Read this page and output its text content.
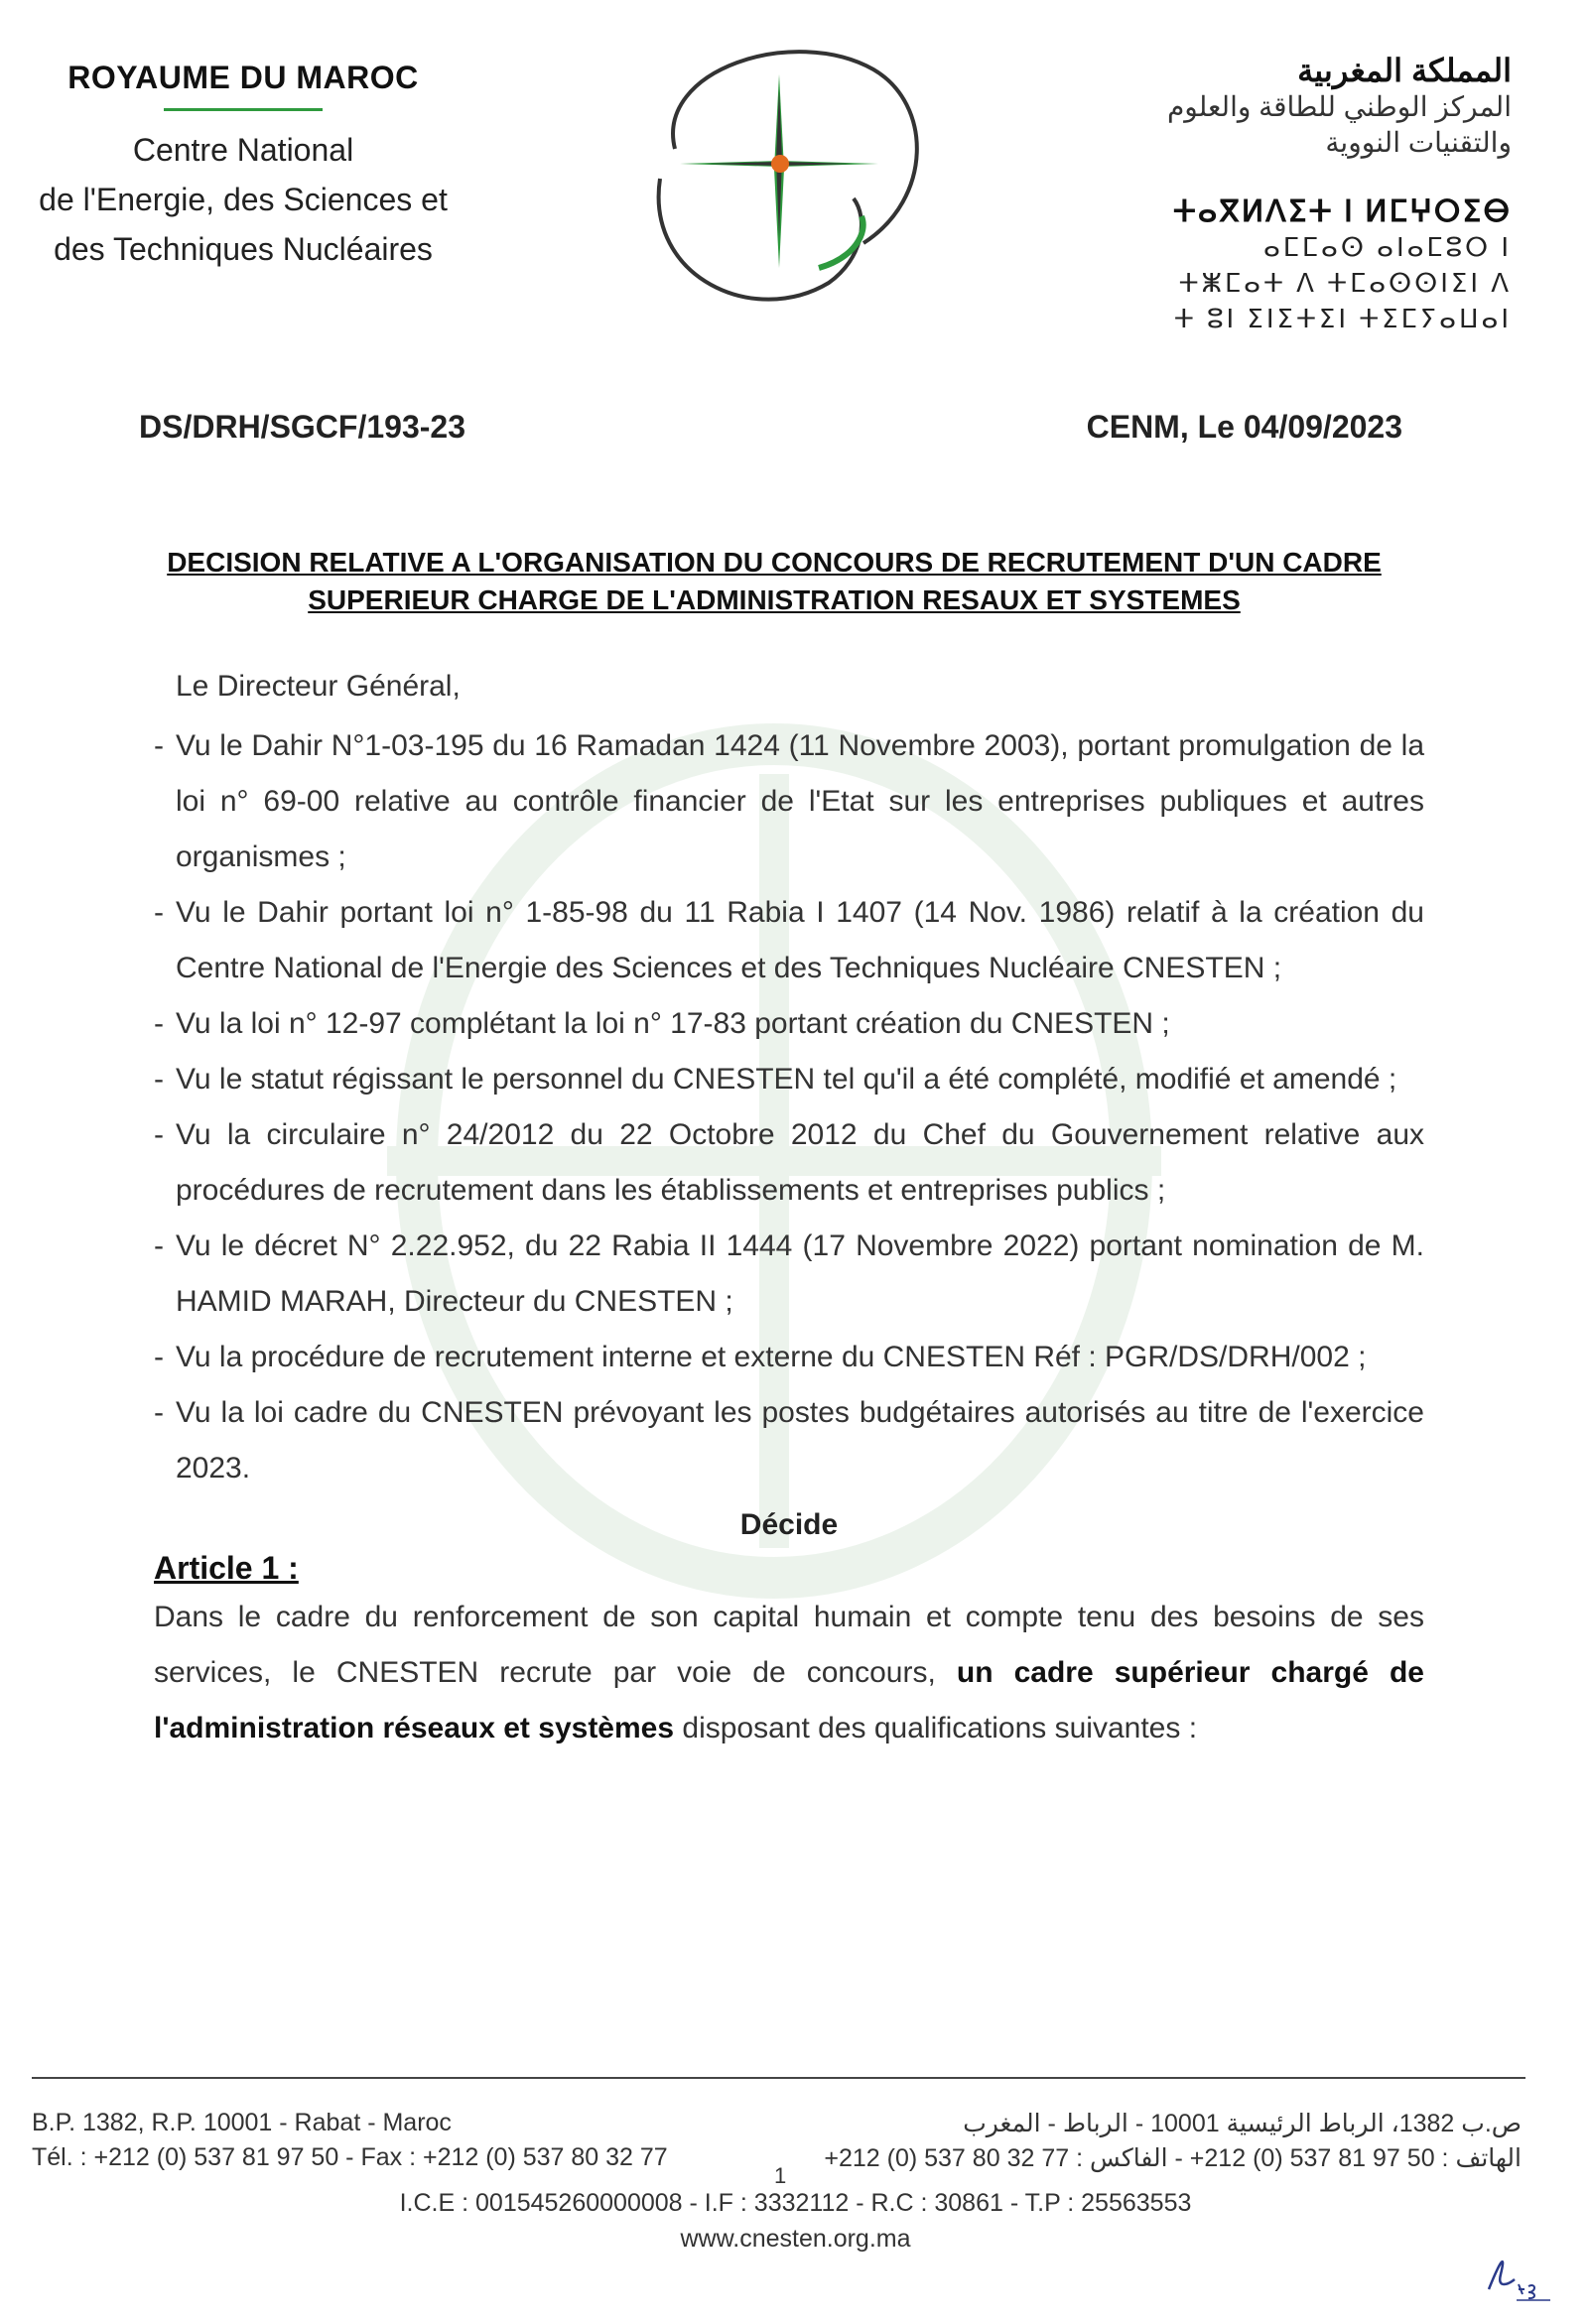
ROYAUME DU MAROC
Centre National
de l'Energie, des Sciences et
des Techniques Nucléaires
المملكة المغربية
المركز الوطني للطاقة والعلوم
والتقنيات النووية
ⵜⴰⴳⵍⴷⵉⵜ ⵏ ⵍⵎⵖⵔⵉⴱ
ⴰⵎⵎⴰⵙ ⴰⵏⴰⵎⵓⵔ ⵏ
ⵜⵥⵎⴰⵜ ⴷ ⵜⵎⴰⵙⵙⵏⵉⵏ ⴷ
ⵜ ⵓⵏ ⵉⵏⵉⵜⵉⵏ ⵜⵉⵎⵢⴰⵡⴰⵏ
DS/DRH/SGCF/193-23	CENM, Le 04/09/2023
DECISION RELATIVE A L'ORGANISATION DU CONCOURS DE RECRUTEMENT D'UN CADRE
SUPERIEUR CHARGE DE L'ADMINISTRATION RESAUX ET SYSTEMES

Le Directeur Général,

- Vu le Dahir N°1-03-195 du 16 Ramadan 1424 (11 Novembre 2003), portant promulgation de la loi n° 69-00 relative au contrôle financier de l'Etat sur les entreprises publiques et autres organismes ;

- Vu le Dahir portant loi n° 1-85-98 du 11 Rabia I 1407 (14 Nov. 1986) relatif à la création du Centre National de l'Energie des Sciences et des Techniques Nucléaire CNESTEN ;

- Vu la loi n° 12-97 complétant la loi n° 17-83 portant création du CNESTEN ;

- Vu le statut régissant le personnel du CNESTEN tel qu'il a été complété, modifié et amendé ;

- Vu la circulaire n° 24/2012 du 22 Octobre 2012 du Chef du Gouvernement relative aux procédures de recrutement dans les établissements et entreprises publics ;

- Vu le décret N° 2.22.952, du 22 Rabia II 1444 (17 Novembre 2022) portant nomination de M. HAMID MARAH, Directeur du CNESTEN ;

- Vu la procédure de recrutement interne et externe du CNESTEN Réf : PGR/DS/DRH/002 ;

- Vu la loi cadre du CNESTEN prévoyant les postes budgétaires autorisés au titre de l'exercice 2023.

Décide

Article 1 :

Dans le cadre du renforcement de son capital humain et compte tenu des besoins de ses services, le CNESTEN recrute par voie de concours, un cadre supérieur chargé de l'administration réseaux et systèmes disposant des qualifications suivantes :

B.P. 1382, R.P. 10001 - Rabat - Maroc
Tél. : +212 (0) 537 81 97 50 - Fax : +212 (0) 537 80 32 77
ص.ب 1382، الرباط الرئيسية 10001 - الرباط - المغرب
الهاتف : 50 97 81 537 (0) 212+ - الفاكس : 77 32 80 537 (0) 212+
1
I.C.E : 001545260000008 - I.F : 3332112 - R.C : 30861 - T.P : 25563553
www.cnesten.org.ma
